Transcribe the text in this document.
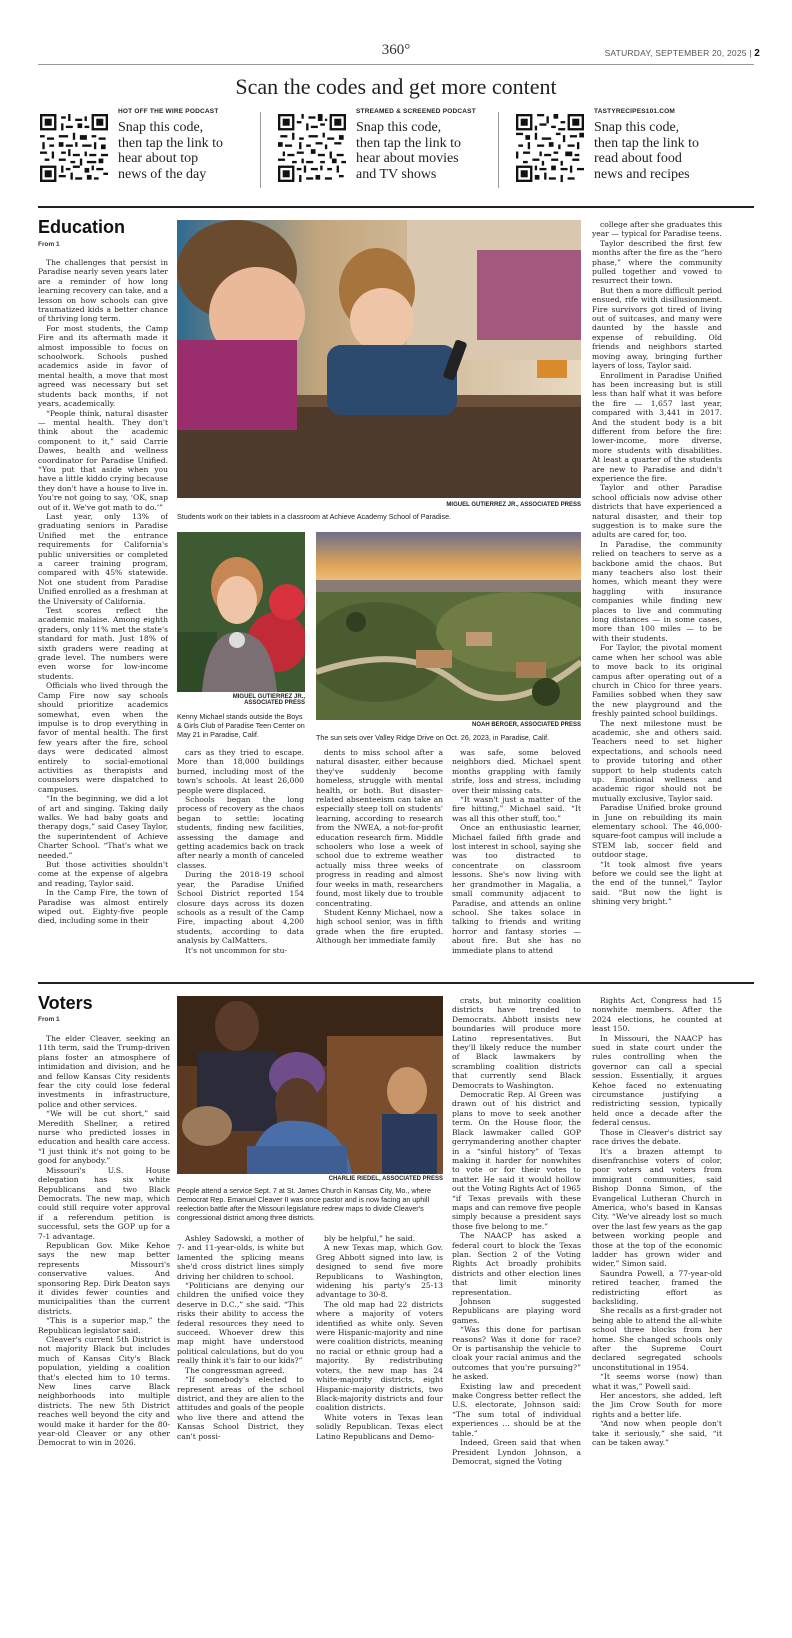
360°	SATURDAY, SEPTEMBER 20, 2025 | 2
Scan the codes and get more content
HOT OFF THE WIRE PODCAST
Snap this code, then tap the link to hear about top news of the day
STREAMED & SCREENED PODCAST
Snap this code, then tap the link to hear about movies and TV shows
TASTYRECIPES101.COM
Snap this code, then tap the link to read about food news and recipes
Education
From 1

The challenges that persist in Paradise nearly seven years later are a reminder of how long learning recovery can take, and a lesson on how schools can give traumatized kids a better chance of thriving long term.

For most students, the Camp Fire and its aftermath made it almost impossible to focus on schoolwork. Schools pushed academics aside in favor of mental health, a move that most agreed was necessary but set students back months, if not years, academically.

“People think, natural disaster — mental health. They don't think about the academic component to it,” said Carrie Dawes, health and wellness coordinator for Paradise Unified. “You put that aside when you have a little kiddo crying because they don't have a house to live in. You're not going to say, ‘OK, snap out of it. We've got math to do.’”

Last year, only 13% of graduating seniors in Paradise Unified met the entrance requirements for California's public universities or completed a career training program, compared with 45% statewide. Not one student from Paradise Unified enrolled as a freshman at the University of California.

Test scores reflect the academic malaise. Among eighth graders, only 11% met the state's standard for math. Just 18% of sixth graders were reading at grade level. The numbers were even worse for low-income students.

Officials who lived through the Camp Fire now say schools should prioritize academics somewhat, even when the impulse is to drop everything in favor of mental health. The first few years after the fire, school days were dedicated almost entirely to social-emotional activities as therapists and counselors were dispatched to campuses.

“In the beginning, we did a lot of art and singing. Taking daily walks. We had baby goats and therapy dogs,” said Casey Taylor, the superintendent of Achieve Charter School. “That's what we needed.”

But those activities shouldn't come at the expense of algebra and reading, Taylor said.

In the Camp Fire, the town of Paradise was almost entirely wiped out. Eighty-five people died, including some in their

MIGUEL GUTIERREZ JR., ASSOCIATED PRESS
Students work on their tablets in a classroom at Achieve Academy School of Paradise.
MIGUEL GUTIERREZ JR.,
ASSOCIATED PRESS
Kenny Michael stands outside the Boys & Girls Club of Paradise Teen Center on May 21 in Paradise, Calif.
NOAH BERGER, ASSOCIATED PRESS
The sun sets over Valley Ridge Drive on Oct. 26, 2023, in Paradise, Calif.

cars as they tried to escape. More than 18,000 buildings burned, including most of the town's schools. At least 26,000 people were displaced.

Schools began the long process of recovery as the chaos began to settle: locating students, finding new facilities, assessing the damage and getting academics back on track after nearly a month of canceled classes.

During the 2018-19 school year, the Paradise Unified School District reported 154 closure days across its dozen schools as a result of the Camp Fire, impacting about 4,200 students, according to data analysis by CalMatters.

It's not uncommon for stu-

dents to miss school after a natural disaster, either because they've suddenly become homeless, struggle with mental health, or both. But disaster-related absenteeism can take an especially steep toll on students' learning, according to research from the NWEA, a not-for-profit education research firm. Middle schoolers who lose a week of school due to extreme weather actually miss three weeks of progress in reading and almost four weeks in math, researchers found, most likely due to trouble concentrating.

Student Kenny Michael, now a high school senior, was in fifth grade when the fire erupted. Although her immediate family

was safe, some beloved neighbors died. Michael spent months grappling with family strife, loss and stress, including over their missing cats.

“It wasn't just a matter of the fire hitting,” Michael said. “It was all this other stuff, too.”

Once an enthusiastic learner, Michael failed fifth grade and lost interest in school, saying she was too distracted to concentrate on classroom lessons. She's now living with her grandmother in Magalia, a small community adjacent to Paradise, and attends an online school. She takes solace in talking to friends and writing horror and fantasy stories — about fire. But she has no immediate plans to attend

college after she graduates this year — typical for Paradise teens.

Taylor described the first few months after the fire as the “hero phase,” where the community pulled together and vowed to resurrect their town.

But then a more difficult period ensued, rife with disillusionment. Fire survivors got tired of living out of suitcases, and many were daunted by the hassle and expense of rebuilding. Old friends and neighbors started moving away, bringing further layers of loss, Taylor said.

Enrollment in Paradise Unified has been increasing but is still less than half what it was before the fire — 1,657 last year, compared with 3,441 in 2017. And the student body is a bit different from before the fire: lower-income, more diverse, more students with disabilities. At least a quarter of the students are new to Paradise and didn't experience the fire.

Taylor and other Paradise school officials now advise other districts that have experienced a natural disaster, and their top suggestion is to make sure the adults are cared for, too.

In Paradise, the community relied on teachers to serve as a backbone amid the chaos. But many teachers also lost their homes, which meant they were haggling with insurance companies while finding new places to live and commuting long distances — in some cases, more than 100 miles — to be with their students.

For Taylor, the pivotal moment came when her school was able to move back to its original campus after operating out of a church in Chico for three years. Families sobbed when they saw the new playground and the freshly painted school buildings.

The next milestone must be academic, she and others said. Teachers need to set higher expectations, and schools need to provide tutoring and other support to help students catch up. Emotional wellness and academic rigor should not be mutually exclusive, Taylor said.

Paradise Unified broke ground in June on rebuilding its main elementary school. The 46,000-square-foot campus will include a STEM lab, soccer field and outdoor stage.

“It took almost five years before we could see the light at the end of the tunnel,” Taylor said. “But now the light is shining very bright.”

Voters
From 1

The elder Cleaver, seeking an 11th term, said the Trump-driven plans foster an atmosphere of intimidation and division, and he and fellow Kansas City residents fear the city could lose federal investments in infrastructure, police and other services.

“We will be cut short,” said Meredith Shellner, a retired nurse who predicted losses in education and health care access. “I just think it's not going to be good for anybody.”

Missouri's U.S. House delegation has six white Republicans and two Black Democrats. The new map, which could still require voter approval if a referendum petition is successful, sets the GOP up for a 7-1 advantage.

Republican Gov. Mike Kehoe says the new map better represents Missouri's conservative values. And sponsoring Rep. Dirk Deaton says it divides fewer counties and municipalities than the current districts.

“This is a superior map,” the Republican legislator said.

Cleaver's current 5th District is not majority Black but includes much of Kansas City's Black population, yielding a coalition that's elected him to 10 terms. New lines carve Black neighborhoods into multiple districts. The new 5th District reaches well beyond the city and would make it harder for the 80-year-old Cleaver or any other Democrat to win in 2026.

CHARLIE RIEDEL, ASSOCIATED PRESS
People attend a service Sept. 7 at St. James Church in Kansas City, Mo., where Democrat Rep. Emanuel Cleaver II was once pastor and is now facing an uphill reelection battle after the Missouri legislature redrew maps to divide Cleaver's congressional district among three districts.

Ashley Sadowski, a mother of 7- and 11-year-olds, is white but lamented the splicing means she'd cross district lines simply driving her children to school.

“Politicians are denying our children the unified voice they deserve in D.C.,” she said. “This risks their ability to access the federal resources they need to succeed. Whoever drew this map might have understood political calculations, but do you really think it's fair to our kids?”

The congressman agreed.

“If somebody's elected to represent areas of the school district, and they are alien to the attitudes and goals of the people who live there and attend the Kansas School District, they can't possi-

bly be helpful,” he said.

A new Texas map, which Gov. Greg Abbott signed into law, is designed to send five more Republicans to Washington, widening his party's 25-13 advantage to 30-8.

The old map had 22 districts where a majority of voters identified as white only. Seven were Hispanic-majority and nine were coalition districts, meaning no racial or ethnic group had a majority. By redistributing voters, the new map has 24 white-majority districts, eight Hispanic-majority districts, two Black-majority districts and four coalition districts.

White voters in Texas lean solidly Republican. Texas elect Latino Republicans and Demo-

crats, but minority coalition districts have trended to Democrats. Abbott insists new boundaries will produce more Latino representatives. But they'll likely reduce the number of Black lawmakers by scrambling coalition districts that currently send Black Democrats to Washington.

Democratic Rep. Al Green was drawn out of his district and plans to move to seek another term. On the House floor, the Black lawmaker called GOP gerrymandering another chapter in a “sinful history” of Texas making it harder for nonwhites to vote or for their votes to matter. He said it would hollow out the Voting Rights Act of 1965 “if Texas prevails with these maps and can remove five people simply because a president says those five belong to me.”

The NAACP has asked a federal court to block the Texas plan. Section 2 of the Voting Rights Act broadly prohibits districts and other election lines that limit minority representation.

Johnson suggested Republicans are playing word games.

“Was this done for partisan reasons? Was it done for race? Or is partisanship the vehicle to cloak your racial animus and the outcomes that you're pursuing?” he asked.

Existing law and precedent make Congress better reflect the U.S. electorate, Johnson said: “The sum total of individual experiences … should be at the table.”

Indeed, Green said that when President Lyndon Johnson, a Democrat, signed the Voting

Rights Act, Congress had 15 nonwhite members. After the 2024 elections, he counted at least 150.

In Missouri, the NAACP has sued in state court under the rules controlling when the governor can call a special session. Essentially, it argues Kehoe faced no extenuating circumstance justifying a redistricting session, typically held once a decade after the federal census.

Those in Cleaver's district say race drives the debate.

It's a brazen attempt to disenfranchise voters of color, poor voters and voters from immigrant communities, said Bishop Donna Simon, of the Evangelical Lutheran Church in America, who's based in Kansas City. “We've already lost so much over the last few years as the gap between working people and those at the top of the economic ladder has grown wider and wider,” Simon said.

Saundra Powell, a 77-year-old retired teacher, framed the redistricting effort as backsliding.

She recalls as a first-grader not being able to attend the all-white school three blocks from her home. She changed schools only after the Supreme Court declared segregated schools unconstitutional in 1954.

“It seems worse (now) than what it was,” Powell said.

Her ancestors, she added, left the Jim Crow South for more rights and a better life.

“And now when people don't take it seriously,” she said, “it can be taken away.”
